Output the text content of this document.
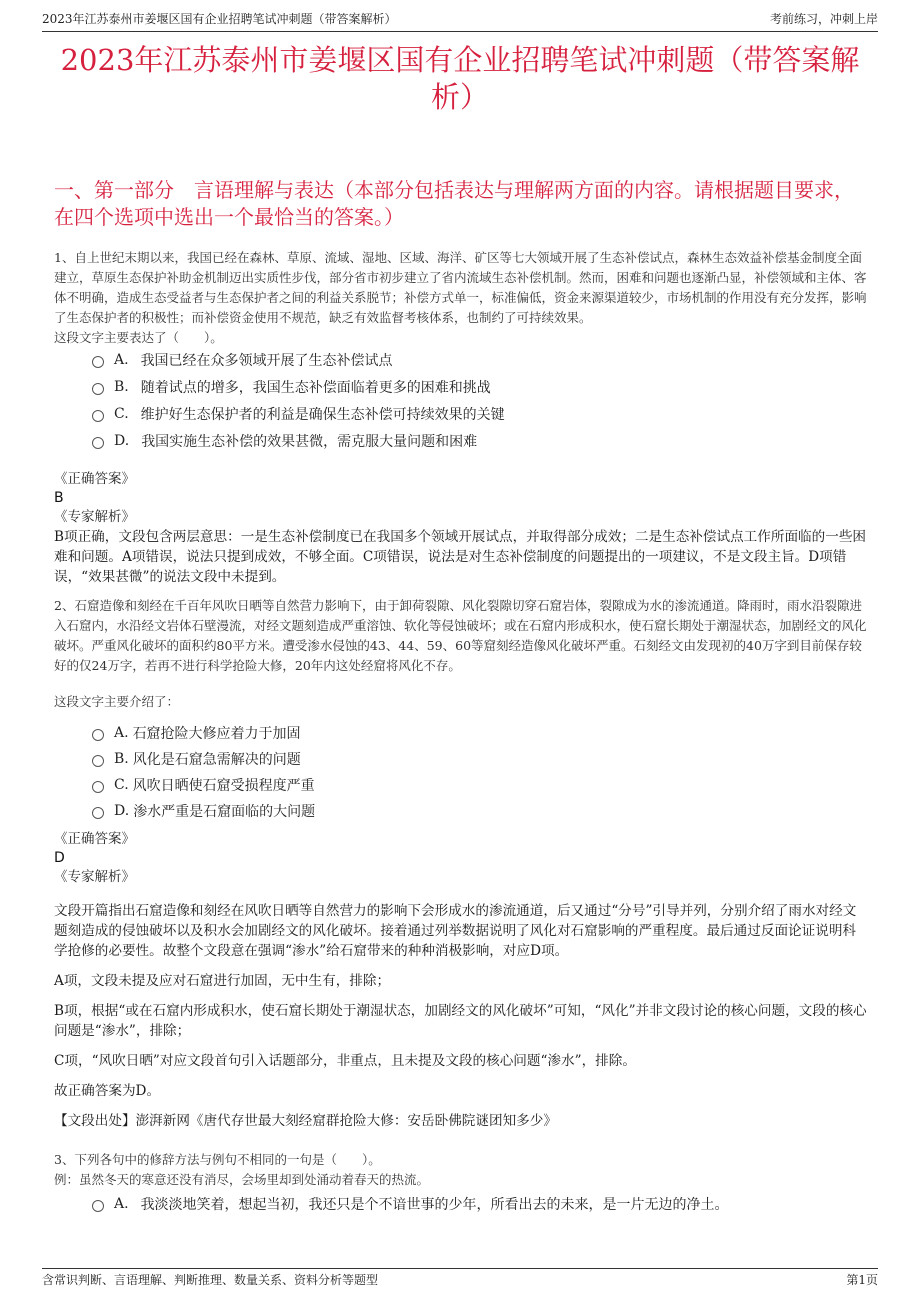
2023年江苏泰州市姜堰区国有企业招聘笔试冲刺题（带答案解析）	考前练习，冲刺上岸
2023年江苏泰州市姜堰区国有企业招聘笔试冲刺题（带答案解析）
一、第一部分　言语理解与表达（本部分包括表达与理解两方面的内容。请根据题目要求，在四个选项中选出一个最恰当的答案。）

1、自上世纪末期以来，我国已经在森林、草原、流域、湿地、区域、海洋、矿区等七大领域开展了生态补偿试点，森林生态效益补偿基金制度全面建立，草原生态保护补助金机制迈出实质性步伐，部分省市初步建立了省内流域生态补偿机制。然而，困难和问题也逐渐凸显，补偿领域和主体、客体不明确，造成生态受益者与生态保护者之间的利益关系脱节；补偿方式单一，标准偏低，资金来源渠道较少，市场机制的作用没有充分发挥，影响了生态保护者的积极性；而补偿资金使用不规范，缺乏有效监督考核体系，也制约了可持续效果。

这段文字主要表达了（　　）。

A. 我国已经在众多领域开展了生态补偿试点
B. 随着试点的增多，我国生态补偿面临着更多的困难和挑战
C. 维护好生态保护者的利益是确保生态补偿可持续效果的关键
D. 我国实施生态补偿的效果甚微，需克服大量问题和困难

《正确答案》

B

《专家解析》

B项正确，文段包含两层意思：一是生态补偿制度已在我国多个领域开展试点，并取得部分成效；二是生态补偿试点工作所面临的一些困难和问题。A项错误，说法只提到成效，不够全面。C项错误，说法是对生态补偿制度的问题提出的一项建议，不是文段主旨。D项错误，“效果甚微”的说法文段中未提到。

2、石窟造像和刻经在千百年风吹日晒等自然营力影响下，由于卸荷裂隙、风化裂隙切穿石窟岩体，裂隙成为水的渗流通道。降雨时，雨水沿裂隙进入石窟内，水沿经文岩体石壁漫流，对经文题刻造成严重溶蚀、软化等侵蚀破坏；或在石窟内形成积水，使石窟长期处于潮湿状态，加剧经文的风化破坏。严重风化破坏的面积约80平方米。遭受渗水侵蚀的43、44、59、60等窟刻经造像风化破坏严重。石刻经文由发现初的40万字到目前保存较好的仅24万字，若再不进行科学抢险大修，20年内这处经窟将风化不存。

这段文字主要介绍了：

A. 石窟抢险大修应着力于加固
B. 风化是石窟急需解决的问题
C. 风吹日晒使石窟受损程度严重
D. 渗水严重是石窟面临的大问题

《正确答案》

D

《专家解析》

文段开篇指出石窟造像和刻经在风吹日晒等自然营力的影响下会形成水的渗流通道，后又通过“分号”引导并列，分别介绍了雨水对经文题刻造成的侵蚀破坏以及积水会加剧经文的风化破坏。接着通过列举数据说明了风化对石窟影响的严重程度。最后通过反面论证说明科学抢修的必要性。故整个文段意在强调“渗水”给石窟带来的种种消极影响，对应D项。

A项，文段未提及应对石窟进行加固，无中生有，排除；

B项，根据“或在石窟内形成积水，使石窟长期处于潮湿状态，加剧经文的风化破坏”可知，“风化”并非文段讨论的核心问题，文段的核心问题是“渗水”，排除；

C项，“风吹日晒”对应文段首句引入话题部分，非重点，且未提及文段的核心问题“渗水”，排除。

故正确答案为D。

【文段出处】澎湃新网《唐代存世最大刻经窟群抢险大修：安岳卧佛院谜团知多少》

3、下列各句中的修辞方法与例句不相同的一句是（　　）。

例：虽然冬天的寒意还没有消尽，会场里却到处涌动着春天的热流。

A. 我淡淡地笑着，想起当初，我还只是个不谙世事的少年，所看出去的未来，是一片无边的净土。
含常识判断、言语理解、判断推理、数量关系、资料分析等题型	第1页
